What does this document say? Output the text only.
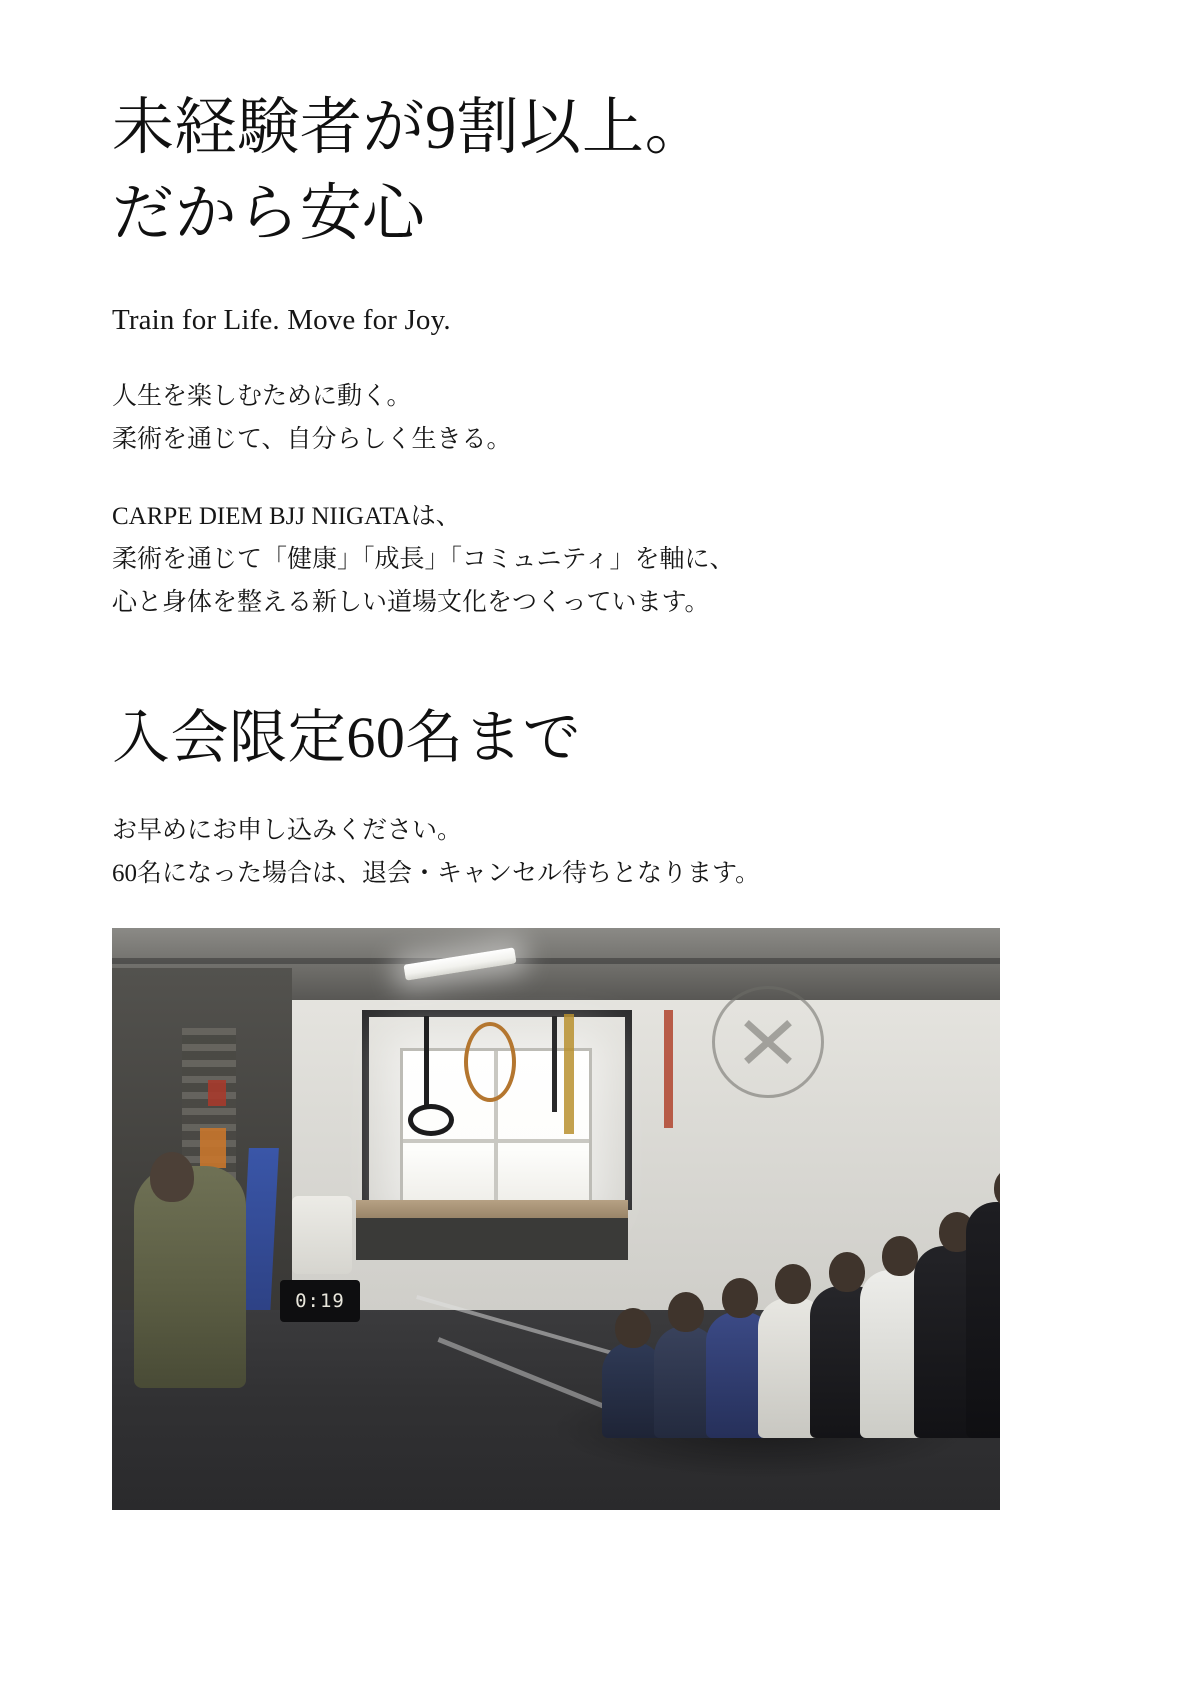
未経験者が9割以上。
だから安心

Train for Life. Move for Joy.

人生を楽しむために動く。
柔術を通じて、自分らしく生きる。

CARPE DIEM BJJ NIIGATAは、
柔術を通じて「健康」「成長」「コミュニティ」を軸に、
心と身体を整える新しい道場文化をつくっています。

入会限定60名まで
お早めにお申し込みください。
60名になった場合は、退会・キャンセル待ちとなります。
0:19
